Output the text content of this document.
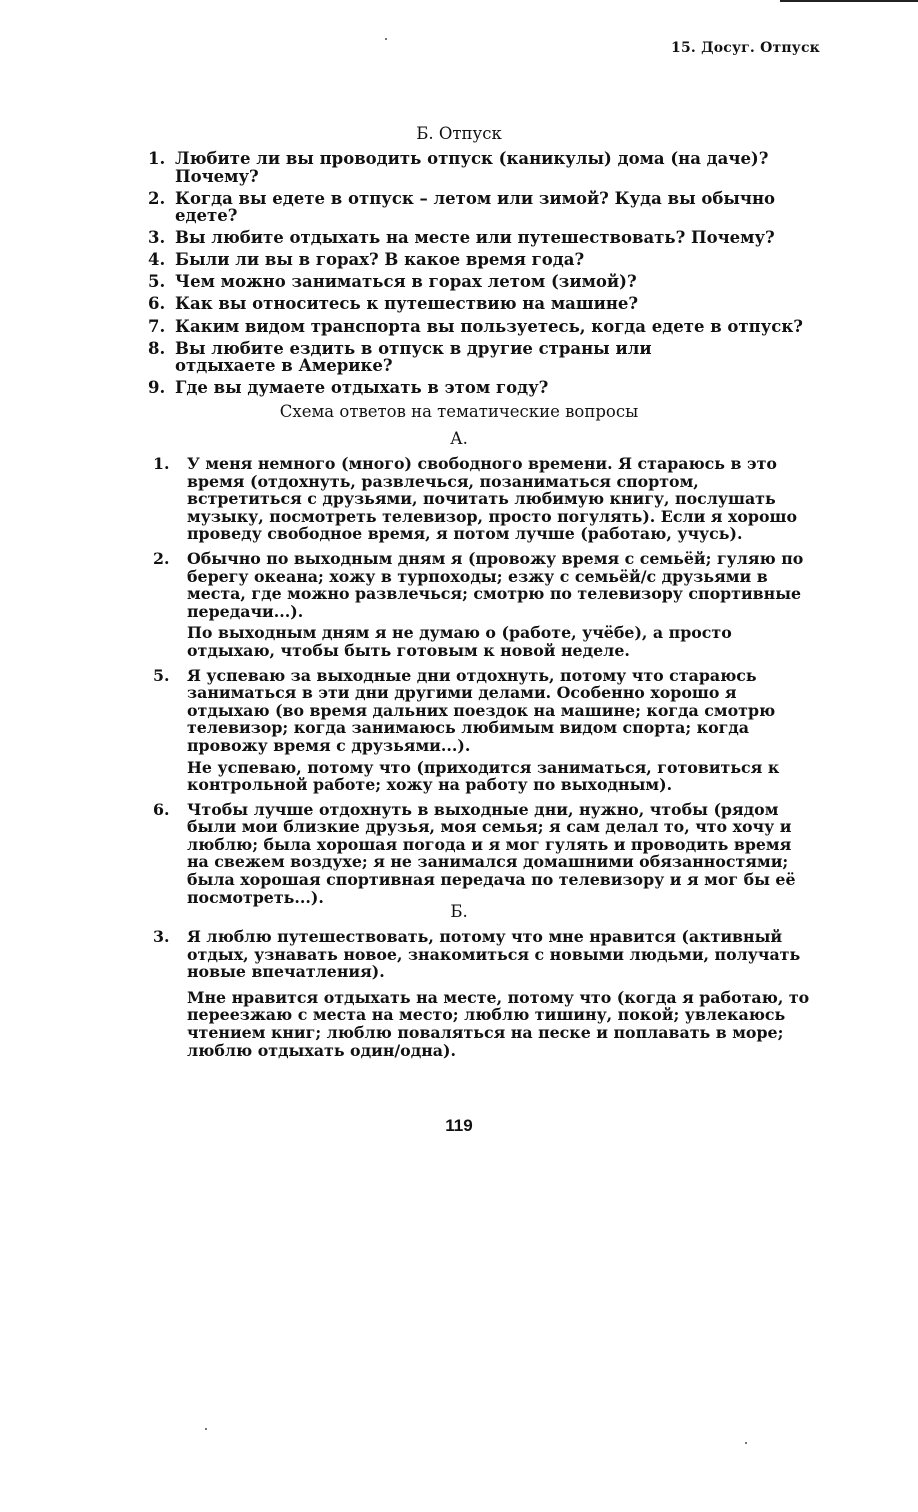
15. Досуг. Отпуск
Б. Отпуск
1. Любите ли вы проводить отпуск (каникулы) дома (на даче)? Почему?
2. Когда вы едете в отпуск – летом или зимой? Куда вы обычно едете?
3. Вы любите отдыхать на месте или путешествовать? Почему?
4. Были ли вы в горах? В какое время года?
5. Чем можно заниматься в горах летом (зимой)?
6. Как вы относитесь к путешествию на машине?
7. Каким видом транспорта вы пользуетесь, когда едете в отпуск?
8. Вы любите ездить в отпуск в другие страны или отдыхаете в Америке?
9. Где вы думаете отдыхать в этом году?
Схема ответов на тематические вопросы
А.
1.	У меня немного (много) свободного времени. Я стараюсь в это время (отдохнуть, развлечься, позаниматься спортом, встретиться с друзьями, почитать любимую книгу, послушать музыку, посмотреть телевизор, просто погулять). Если я хорошо проведу свободное время, я потом лучше (работаю, учусь).

2.	Обычно по выходным дням я (провожу время с семьёй; гуляю по берегу океана; хожу в турпоходы; езжу с семьёй/с друзьями в места, где можно развлечься; смотрю по телевизору спортивные передачи...).

По выходным дням я не думаю о (работе, учёбе), а просто отдыхаю, чтобы быть готовым к новой неделе.

5.	Я успеваю за выходные дни отдохнуть, потому что стараюсь заниматься в эти дни другими делами. Особенно хорошо я отдыхаю (во время дальних поездок на машине; когда смотрю телевизор; когда занимаюсь любимым видом спорта; когда провожу время с друзьями...).

Не успеваю, потому что (приходится заниматься, готовиться к контрольной работе; хожу на работу по выходным).

6.	Чтобы лучше отдохнуть в выходные дни, нужно, чтобы (рядом были мои близкие друзья, моя семья; я сам делал то, что хочу и люблю; была хорошая погода и я мог гулять и проводить время на свежем воздухе; я не занимался домашними обязанностями; была хорошая спортивная передача по телевизору и я мог бы её посмотреть...).

Б.
3.	Я люблю путешествовать, потому что мне нравится (активный отдых, узнавать новое, знакомиться с новыми людьми, получать новые впечатления).

Мне нравится отдыхать на месте, потому что (когда я работаю, то переезжаю с места на место; люблю тишину, покой; увлекаюсь чтением книг; люблю поваляться на песке и поплавать в море; люблю отдыхать один/одна).

119
